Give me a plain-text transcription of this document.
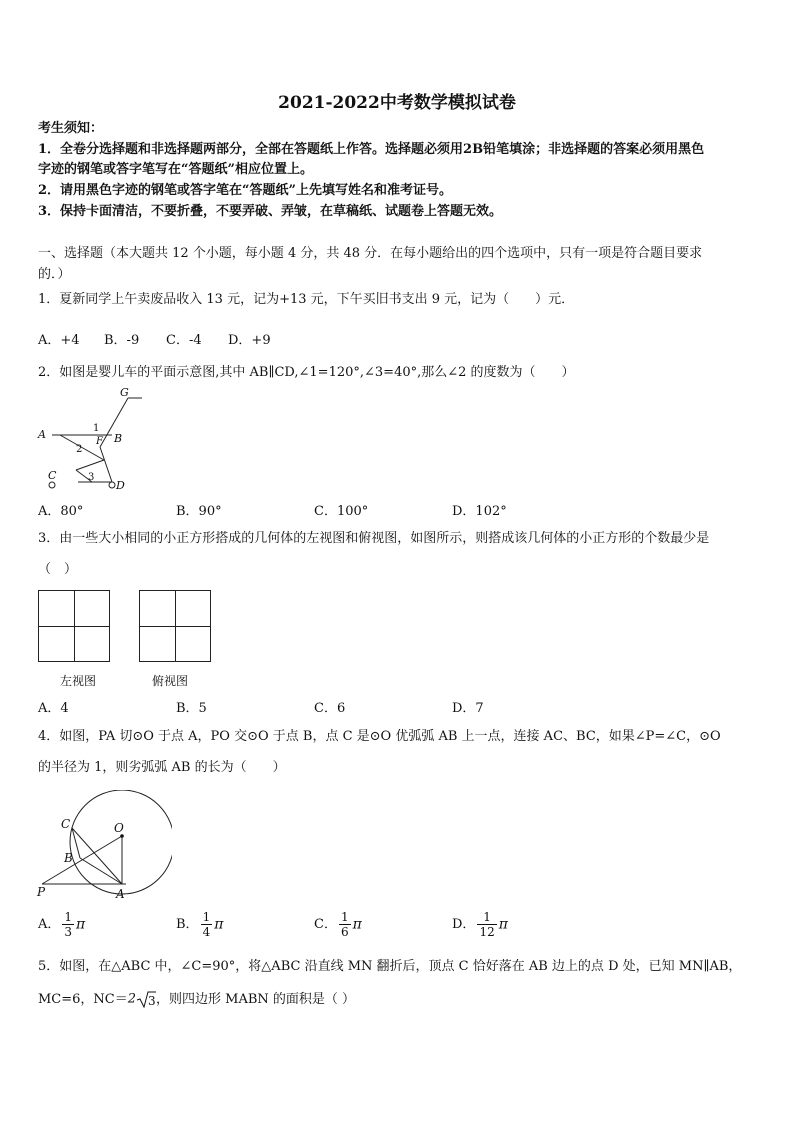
2021-2022中考数学模拟试卷
考生须知：
1．全卷分选择题和非选择题两部分，全部在答题纸上作答。选择题必须用2B铅笔填涂；非选择题的答案必须用黑色
字迹的钢笔或答字笔写在“答题纸”相应位置上。
2．请用黑色字迹的钢笔或答字笔在“答题纸”上先填写姓名和准考证号。
3．保持卡面清洁，不要折叠，不要弄破、弄皱，在草稿纸、试题卷上答题无效。
一、选择题（本大题共 12 个小题，每小题 4 分，共 48 分．在每小题给出的四个选项中，只有一项是符合题目要求
的．）
1．夏新同学上午卖废品收入 13 元，记为+13 元，下午买旧书支出 9 元，记为（　　）元．
A．+4 B．-9 C．-4 D．+9
2．如图是婴儿车的平面示意图,其中 AB∥CD,∠1=120°,∠3=40°,那么∠2 的度数为（　　）
G
A	B
F
C
D
1
2
3
A．80°	B．90°	C．100°	D．102°
3．由一些大小相同的小正方形搭成的几何体的左视图和俯视图，如图所示，则搭成该几何体的小正方形的个数最少是
（　）
左视图	俯视图
A．4	B．5	C．6	D．7
4．如图，PA 切⊙O 于点 A，PO 交⊙O 于点 B，点 C 是⊙O 优弧弧 AB 上一点，连接 AC、BC，如果∠P=∠C，⊙O
的半径为 1，则劣弧弧 AB 的长为（　　）
C	O
B
P	A
A． $\frac{1}{3}$ π	B． $\frac{1}{4}$ π	C． $\frac{1}{6}$ π	D． $\frac{1}{12}$ π
5．如图，在△ABC 中，∠C=90°，将△ABC 沿直线 MN 翻折后，顶点 C 恰好落在 AB 边上的点 D 处，已知 MN∥AB，
MC=6，NC＝2 3 ，则四边形 MABN 的面积是（ ）
